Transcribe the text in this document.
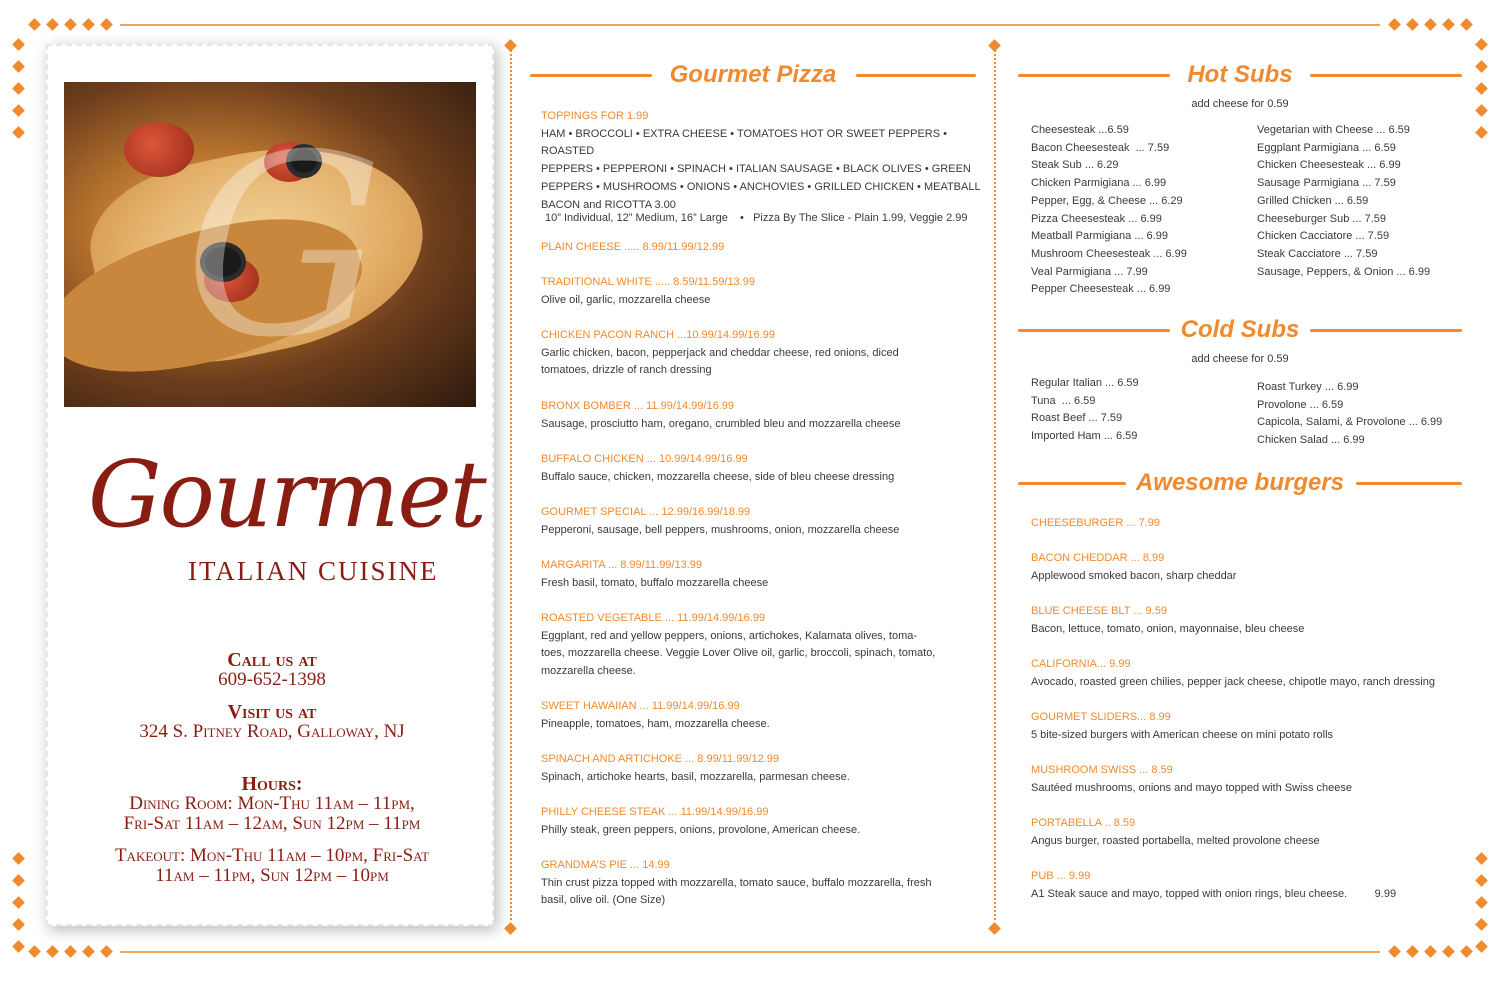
G
Gourmet
ITALIAN CUISINE
Call us at
609-652-1398
Visit us at
324 S. Pitney Road, Galloway, NJ
Hours:
Dining Room: Mon-Thu 11am – 11pm,
Fri-Sat 11am – 12am, Sun 12pm – 11pm
Takeout: Mon-Thu 11am – 10pm, Fri-Sat
11am – 11pm, Sun 12pm – 10pm
Gourmet Pizza
TOPPINGS FOR 1.99
HAM • BROCCOLI • EXTRA CHEESE • TOMATOES HOT OR SWEET PEPPERS • ROASTED
PEPPERS • PEPPERONI • SPINACH • ITALIAN SAUSAGE • BLACK OLIVES • GREEN
PEPPERS • MUSHROOMS • ONIONS • ANCHOVIES • GRILLED CHICKEN • MEATBALL
BACON and RICOTTA 3.00
10” Individual, 12” Medium, 16” Large    •   Pizza By The Slice - Plain 1.99, Veggie 2.99
PLAIN CHEESE ..... 8.99/11.99/12.99
TRADITIONAL WHITE ..... 8.59/11.59/13.99
Olive oil, garlic, mozzarella cheese
CHICKEN PACON RANCH ...10.99/14.99/16.99
Garlic chicken, bacon, pepperjack and cheddar cheese, red onions, diced
tomatoes, drizzle of ranch dressing
BRONX BOMBER ... 11.99/14.99/16.99
Sausage, prosciutto ham, oregano, crumbled bleu and mozzarella cheese
BUFFALO CHICKEN ... 10.99/14.99/16.99
Buffalo sauce, chicken, mozzarella cheese, side of bleu cheese dressing
GOURMET SPECIAL ... 12.99/16.99/18.99
Pepperoni, sausage, bell peppers, mushrooms, onion, mozzarella cheese
MARGARITA ... 8.99/11.99/13.99
Fresh basil, tomato, buffalo mozzarella cheese
ROASTED VEGETABLE ... 11.99/14.99/16.99
Eggplant, red and yellow peppers, onions, artichokes, Kalamata olives, toma-
toes, mozzarella cheese. Veggie Lover Olive oil, garlic, broccoli, spinach, tomato,
mozzarella cheese.
SWEET HAWAIIAN ... 11.99/14.99/16.99
Pineapple, tomatoes, ham, mozzarella cheese.
SPINACH AND ARTICHOKE ... 8.99/11.99/12.99
Spinach, artichoke hearts, basil, mozzarella, parmesan cheese.
PHILLY CHEESE STEAK ... 11.99/14.99/16.99
Philly steak, green peppers, onions, provolone, American cheese.
GRANDMA’S PIE ... 14.99
Thin crust pizza topped with mozzarella, tomato sauce, buffalo mozzarella, fresh
basil, olive oil. (One Size)
Hot Subs
add cheese for 0.59
Cheesesteak ...6.59
Bacon Cheesesteak  ... 7.59
Steak Sub ... 6.29
Chicken Parmigiana ... 6.99
Pepper, Egg, & Cheese ... 6.29
Pizza Cheesesteak ... 6.99
Meatball Parmigiana ... 6.99
Mushroom Cheesesteak ... 6.99
Veal Parmigiana ... 7.99
Pepper Cheesesteak ... 6.99
Vegetarian with Cheese ... 6.59
Eggplant Parmigiana ... 6.59
Chicken Cheesesteak ... 6.99
Sausage Parmigiana ... 7.59
Grilled Chicken ... 6.59
Cheeseburger Sub ... 7.59
Chicken Cacciatore ... 7.59
Steak Cacciatore ... 7.59
Sausage, Peppers, & Onion ... 6.99
Cold Subs
add cheese for 0.59
Regular Italian ... 6.59
Tuna  ... 6.59
Roast Beef ... 7.59
Imported Ham ... 6.59
Roast Turkey ... 6.99
Provolone ... 6.59
Capicola, Salami, & Provolone ... 6.99
Chicken Salad ... 6.99
Awesome burgers
CHEESEBURGER ... 7.99
BACON CHEDDAR ... 8.99
Applewood smoked bacon, sharp cheddar
BLUE CHEESE BLT ... 9.59
Bacon, lettuce, tomato, onion, mayonnaise, bleu cheese
CALIFORNIA... 9.99
Avocado, roasted green chilies, pepper jack cheese, chipotle mayo, ranch dressing
GOURMET SLIDERS... 8.99
5 bite-sized burgers with American cheese on mini potato rolls
MUSHROOM SWISS ... 8.59
Sautéed mushrooms, onions and mayo topped with Swiss cheese
PORTABELLA .. 8.59
Angus burger, roasted portabella, melted provolone cheese
PUB ... 9.99
A1 Steak sauce and mayo, topped with onion rings, bleu cheese.         9.99
